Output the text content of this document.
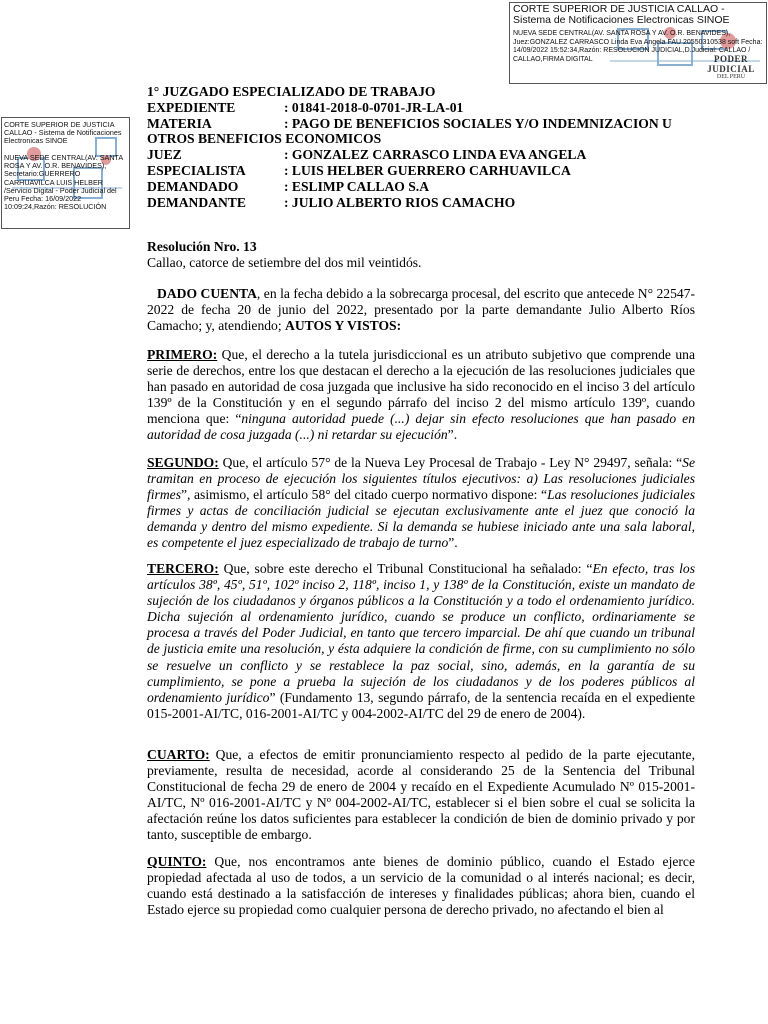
CORTE SUPERIOR DE JUSTICIA CALLAO - Sistema de Notificaciones Electronicas SINOE
NUEVA SEDE CENTRAL(AV. SANTA ROSA Y AV. O.R. BENAVIDES), Juez:GONZALEZ CARRASCO Linda Eva Angela FAU 20550310538 soft Fecha: 14/09/2022 15:52:34,Razón: RESOLUCIÓN JUDICIAL,D.Judicial: CALLAO / CALLAO,FIRMA DIGITAL	PODER JUDICIAL
DEL PERÚ
CORTE SUPERIOR DE JUSTICIA CALLAO - Sistema de Notificaciones Electronicas SINOE
NUEVA SEDE CENTRAL(AV. SANTA ROSA Y AV. O.R. BENAVIDES), Secretario:GUERRERO CARHUAVILCA LUIS HELBER /Servicio Digital - Poder Judicial del Peru Fecha: 16/09/2022 10:09:24,Razón: RESOLUCIÓN
1° JUZGADO ESPECIALIZADO DE TRABAJO
EXPEDIENTE	: 01841-2018-0-0701-JR-LA-01
MATERIA	: PAGO DE BENEFICIOS SOCIALES Y/O INDEMNIZACION U
OTROS BENEFICIOS ECONOMICOS
JUEZ	: GONZALEZ CARRASCO LINDA EVA ANGELA
ESPECIALISTA	: LUIS HELBER GUERRERO CARHUAVILCA
DEMANDADO	: ESLIMP CALLAO S.A
DEMANDANTE	: JULIO ALBERTO RIOS CAMACHO
Resolución Nro. 13
Callao, catorce de setiembre del dos mil veintidós.
DADO CUENTA, en la fecha debido a la sobrecarga procesal, del escrito que antecede N° 22547-2022 de fecha 20 de junio del 2022, presentado por la parte demandante Julio Alberto Ríos Camacho; y, atendiendo; AUTOS Y VISTOS:
PRIMERO: Que, el derecho a la tutela jurisdiccional es un atributo subjetivo que comprende una serie de derechos, entre los que destacan el derecho a la ejecución de las resoluciones judiciales que han pasado en autoridad de cosa juzgada que inclusive ha sido reconocido en el inciso 3 del artículo 139º de la Constitución y en el segundo párrafo del inciso 2 del mismo artículo 139º, cuando menciona que: “ninguna autoridad puede (...) dejar sin efecto resoluciones que han pasado en autoridad de cosa juzgada (...) ni retardar su ejecución”.
SEGUNDO: Que, el artículo 57° de la Nueva Ley Procesal de Trabajo - Ley N° 29497, señala: “Se tramitan en proceso de ejecución los siguientes títulos ejecutivos: a) Las resoluciones judiciales firmes”, asimismo, el artículo 58° del citado cuerpo normativo dispone: “Las resoluciones judiciales firmes y actas de conciliación judicial se ejecutan exclusivamente ante el juez que conoció la demanda y dentro del mismo expediente. Si la demanda se hubiese iniciado ante una sala laboral, es competente el juez especializado de trabajo de turno”.
TERCERO: Que, sobre este derecho el Tribunal Constitucional ha señalado: “En efecto, tras los artículos 38º, 45º, 51º, 102º inciso 2, 118º, inciso 1, y 138º de la Constitución, existe un mandato de sujeción de los ciudadanos y órganos públicos a la Constitución y a todo el ordenamiento jurídico. Dicha sujeción al ordenamiento jurídico, cuando se produce un conflicto, ordinariamente se procesa a través del Poder Judicial, en tanto que tercero imparcial. De ahí que cuando un tribunal de justicia emite una resolución, y ésta adquiere la condición de firme, con su cumplimiento no sólo se resuelve un conflicto y se restablece la paz social, sino, además, en la garantía de su cumplimiento, se pone a prueba la sujeción de los ciudadanos y de los poderes públicos al ordenamiento jurídico” (Fundamento 13, segundo párrafo, de la sentencia recaída en el expediente 015-2001-AI/TC, 016-2001-AI/TC y 004-2002-AI/TC del 29 de enero de 2004).
CUARTO: Que, a efectos de emitir pronunciamiento respecto al pedido de la parte ejecutante, previamente, resulta de necesidad, acorde al considerando 25 de la Sentencia del Tribunal Constitucional de fecha 29 de enero de 2004 y recaído en el Expediente Acumulado Nº 015-2001-AI/TC, Nº 016-2001-AI/TC y Nº 004-2002-AI/TC, establecer si el bien sobre el cual se solicita la afectación reúne los datos suficientes para establecer la condición de bien de dominio privado y por tanto, susceptible de embargo.
QUINTO: Que, nos encontramos ante bienes de dominio público, cuando el Estado ejerce propiedad afectada al uso de todos, a un servicio de la comunidad o al interés nacional; es decir, cuando está destinado a la satisfacción de intereses y finalidades públicas; ahora bien, cuando el Estado ejerce su propiedad como cualquier persona de derecho privado, no afectando el bien al
